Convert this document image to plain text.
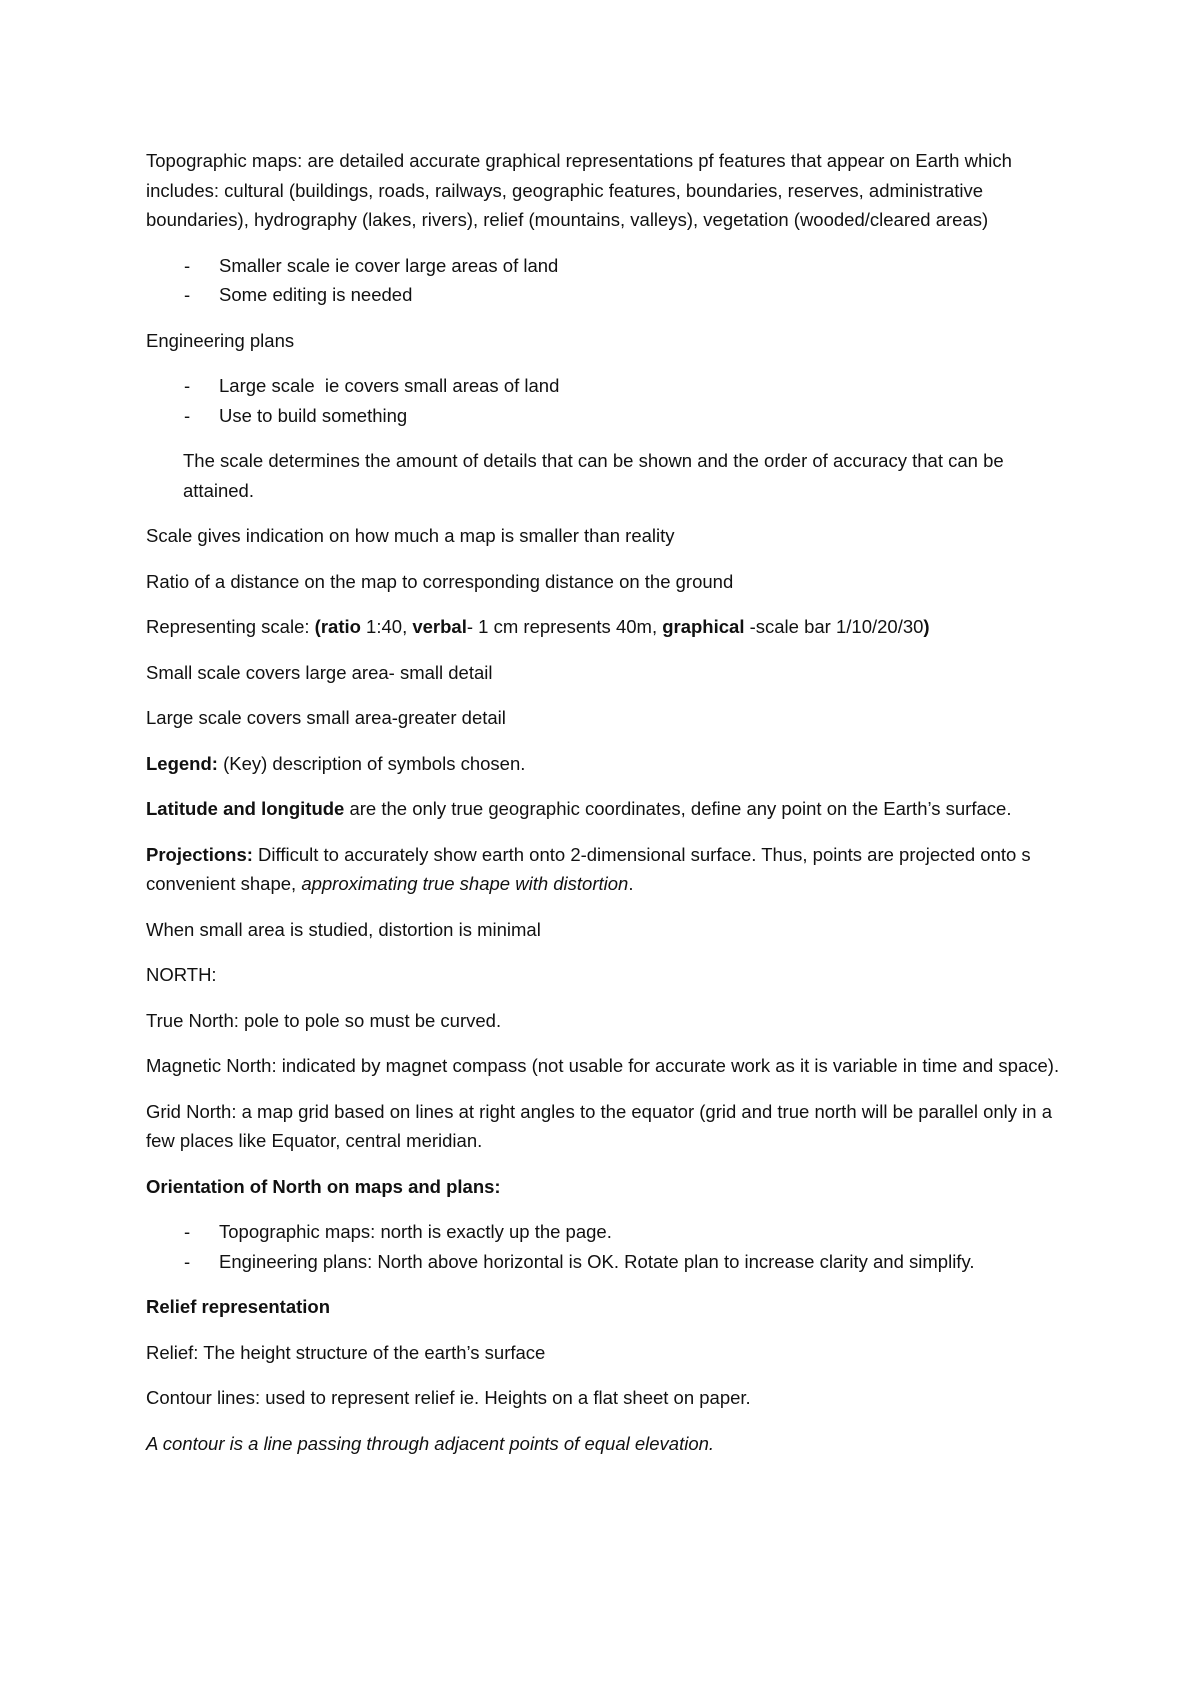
Topographic maps: are detailed accurate graphical representations pf features that appear on Earth which includes: cultural (buildings, roads, railways, geographic features, boundaries, reserves, administrative boundaries), hydrography (lakes, rivers), relief (mountains, valleys), vegetation (wooded/cleared areas)

- Smaller scale ie cover large areas of land
- Some editing is needed

Engineering plans

- Large scale  ie covers small areas of land
- Use to build something

The scale determines the amount of details that can be shown and the order of accuracy that can be attained.

Scale gives indication on how much a map is smaller than reality

Ratio of a distance on the map to corresponding distance on the ground

Representing scale: (ratio 1:40, verbal- 1 cm represents 40m, graphical -scale bar 1/10/20/30)

Small scale covers large area- small detail

Large scale covers small area-greater detail

Legend: (Key) description of symbols chosen.

Latitude and longitude are the only true geographic coordinates, define any point on the Earth’s surface.

Projections: Difficult to accurately show earth onto 2-dimensional surface. Thus, points are projected onto s convenient shape, approximating true shape with distortion.

When small area is studied, distortion is minimal

NORTH:

True North: pole to pole so must be curved.

Magnetic North: indicated by magnet compass (not usable for accurate work as it is variable in time and space).

Grid North: a map grid based on lines at right angles to the equator (grid and true north will be parallel only in a few places like Equator, central meridian.

Orientation of North on maps and plans:

- Topographic maps: north is exactly up the page.
- Engineering plans: North above horizontal is OK. Rotate plan to increase clarity and simplify.

Relief representation

Relief: The height structure of the earth’s surface

Contour lines: used to represent relief ie. Heights on a flat sheet on paper.

A contour is a line passing through adjacent points of equal elevation.
